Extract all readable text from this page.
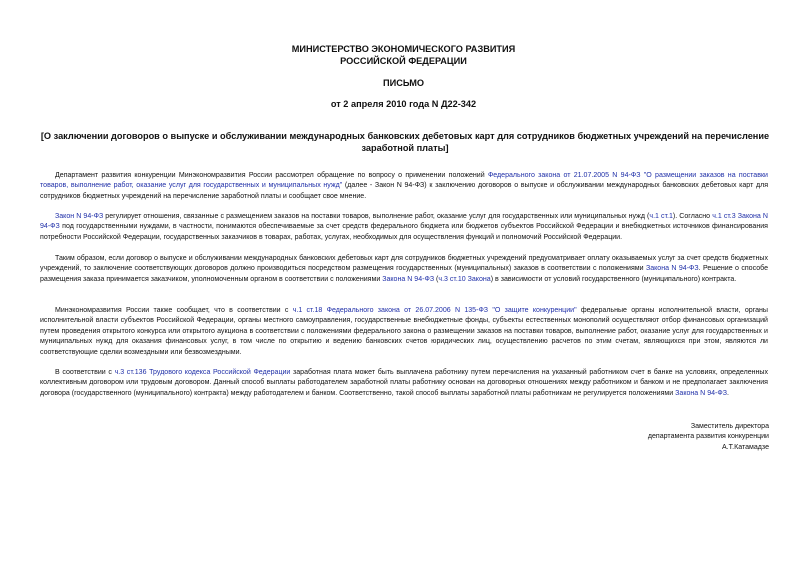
МИНИСТЕРСТВО ЭКОНОМИЧЕСКОГО РАЗВИТИЯ
РОССИЙСКОЙ ФЕДЕРАЦИИ
ПИСЬМО
от 2 апреля 2010 года N Д22-342
[О заключении договоров о выпуске и обслуживании международных банковских дебетовых карт для сотрудников бюджетных учреждений на перечисление заработной платы]

Департамент развития конкуренции Минэкономразвития России рассмотрел обращение по вопросу о применении положений Федерального закона от 21.07.2005 N 94-ФЗ "О размещении заказов на поставки товаров, выполнение работ, оказание услуг для государственных и муниципальных нужд" (далее - Закон N 94-ФЗ) к заключению договоров о выпуске и обслуживании международных банковских дебетовых карт для сотрудников бюджетных учреждений на перечисление заработной платы и сообщает свое мнение.

Закон N 94-ФЗ регулирует отношения, связанные с размещением заказов на поставки товаров, выполнение работ, оказание услуг для государственных или муниципальных нужд (ч.1 ст.1). Согласно ч.1 ст.3 Закона N 94-ФЗ под государственными нуждами, в частности, понимаются обеспечиваемые за счет средств федерального бюджета или бюджетов субъектов Российской Федерации и внебюджетных источников финансирования потребности Российской Федерации, государственных заказчиков в товарах, работах, услугах, необходимых для осуществления функций и полномочий Российской Федерации.

Таким образом, если договор о выпуске и обслуживании международных банковских дебетовых карт для сотрудников бюджетных учреждений предусматривает оплату оказываемых услуг за счет средств бюджетных учреждений, то заключение соответствующих договоров должно производиться посредством размещения государственных (муниципальных) заказов в соответствии с положениями Закона N 94-ФЗ. Решение о способе размещения заказа принимается заказчиком, уполномоченным органом в соответствии с положениями Закона N 94-ФЗ (ч.3 ст.10 Закона) в зависимости от условий государственного (муниципального) контракта.

Минэкономразвития России также сообщает, что в соответствии с ч.1 ст.18 Федерального закона от 26.07.2006 N 135-ФЗ "О защите конкуренции" федеральные органы исполнительной власти, органы исполнительной власти субъектов Российской Федерации, органы местного самоуправления, государственные внебюджетные фонды, субъекты естественных монополий осуществляют отбор финансовых организаций путем проведения открытого конкурса или открытого аукциона в соответствии с положениями федерального закона о размещении заказов на поставки товаров, выполнение работ, оказание услуг для государственных и муниципальных нужд для оказания финансовых услуг, в том числе по открытию и ведению банковских счетов юридических лиц, осуществлению расчетов по этим счетам, являющихся при этом, являются ли соответствующие сделки возмездными или безвозмездными.

В соответствии с ч.3 ст.136 Трудового кодекса Российской Федерации заработная плата может быть выплачена работнику путем перечисления на указанный работником счет в банке на условиях, определенных коллективным договором или трудовым договором. Данный способ выплаты работодателем заработной платы работнику основан на договорных отношениях между работником и банком и не предполагает заключения договора (государственного (муниципального) контракта) между работодателем и банком. Соответственно, такой способ выплаты заработной платы работникам не регулируется положениями Закона N 94-ФЗ.

Заместитель директора
департамента развития конкуренции
А.Т.Катамадзе
